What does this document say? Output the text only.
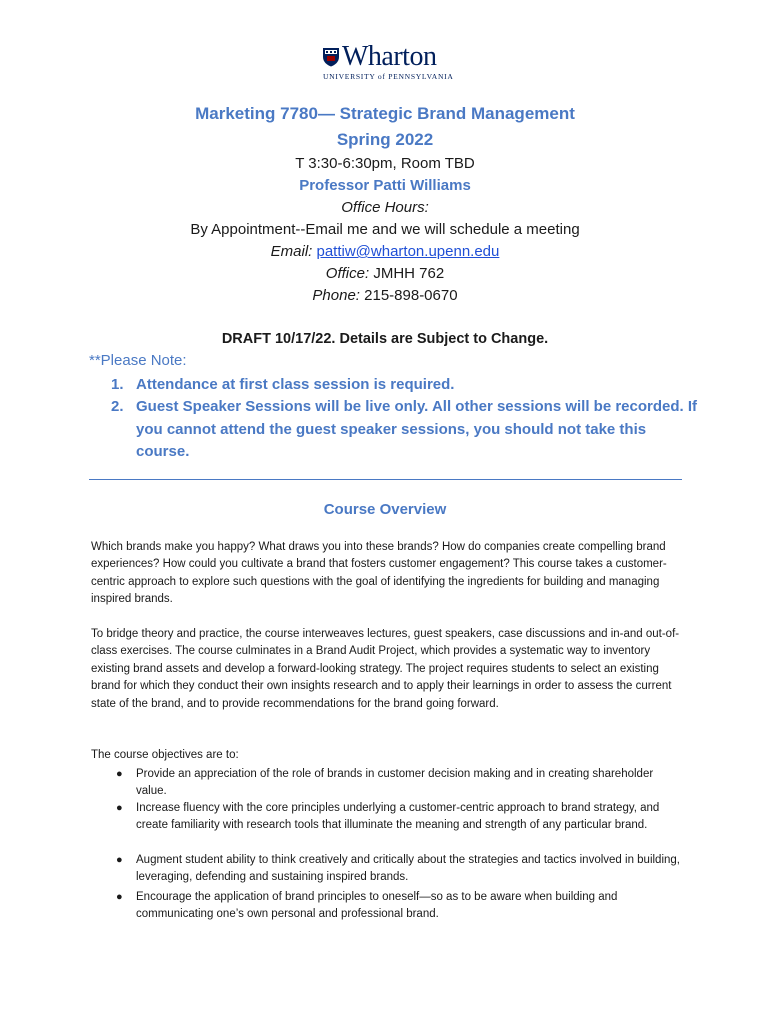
Wharton
UNIVERSITY of PENNSYLVANIA
Marketing 7780— Strategic Brand Management
Spring 2022
T 3:30-6:30pm, Room TBD
Professor Patti Williams
Office Hours:
By Appointment--Email me and we will schedule a meeting
Email: pattiw@wharton.upenn.edu
Office: JMHH 762
Phone: 215-898-0670
DRAFT 10/17/22. Details are Subject to Change.
**Please Note:
1. Attendance at first class session is required.
2. Guest Speaker Sessions will be live only. All other sessions will be recorded. If you cannot attend the guest speaker sessions, you should not take this course.
Course Overview
Which brands make you happy? What draws you into these brands? How do companies create compelling brand experiences? How could you cultivate a brand that fosters customer engagement? This course takes a customer-centric approach to explore such questions with the goal of identifying the ingredients for building and managing inspired brands.
To bridge theory and practice, the course interweaves lectures, guest speakers, case discussions and in-and out-of-class exercises. The course culminates in a Brand Audit Project, which provides a systematic way to inventory existing brand assets and develop a forward-looking strategy. The project requires students to select an existing brand for which they conduct their own insights research and to apply their learnings in order to assess the current state of the brand, and to provide recommendations for the brand going forward.
The course objectives are to:
● Provide an appreciation of the role of brands in customer decision making and in creating shareholder value.
● Increase fluency with the core principles underlying a customer-centric approach to brand strategy, and create familiarity with research tools that illuminate the meaning and strength of any particular brand.
● Augment student ability to think creatively and critically about the strategies and tactics involved in building, leveraging, defending and sustaining inspired brands.
● Encourage the application of brand principles to oneself—so as to be aware when building and communicating one’s own personal and professional brand.
